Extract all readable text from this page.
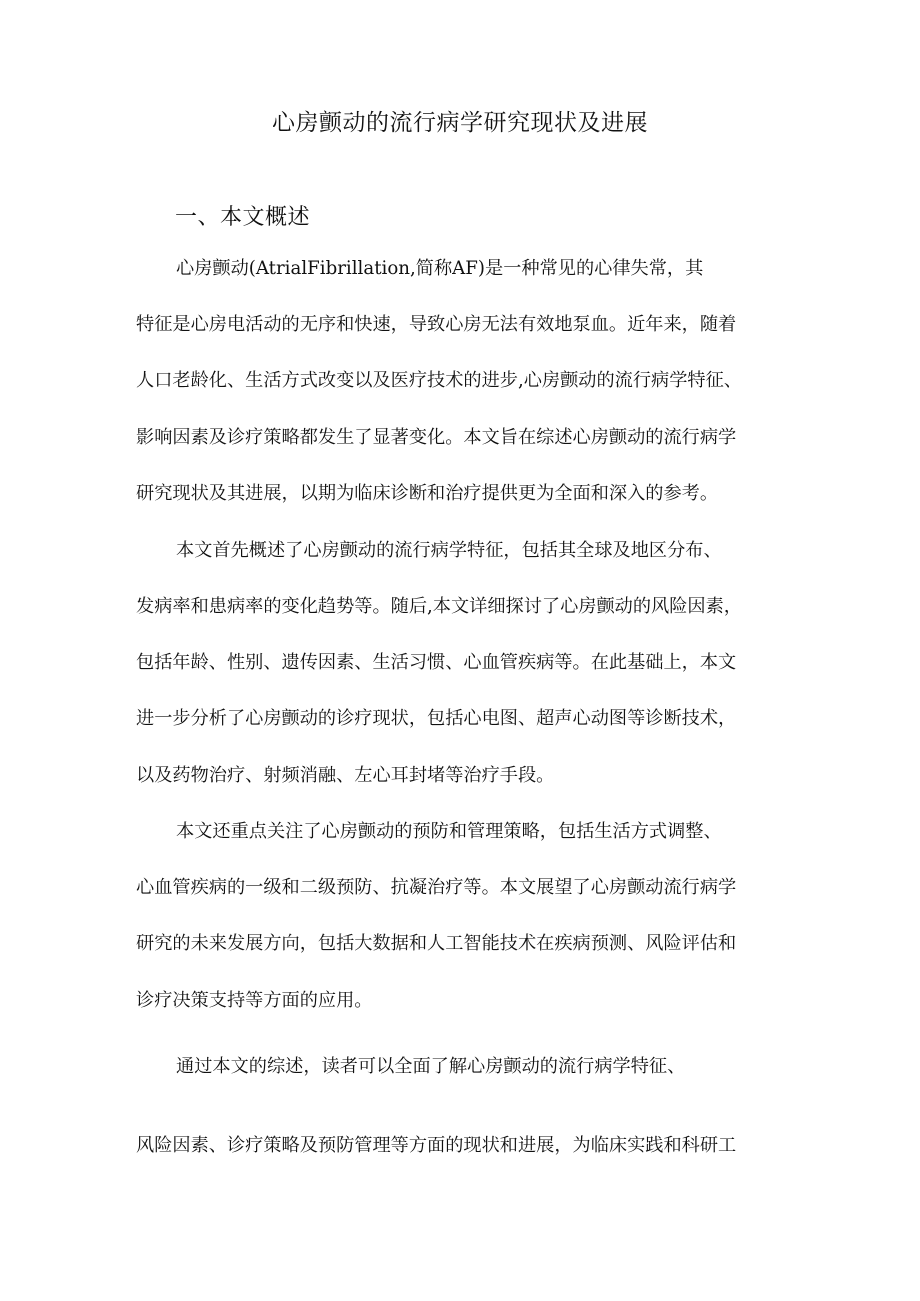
心房颤动的流行病学研究现状及进展
一、本文概述
心房颤动(AtrialFibrillation,简称AF)是一种常见的心律失常，其
特征是心房电活动的无序和快速，导致心房无法有效地泵血。近年来，随着
人口老龄化、生活方式改变以及医疗技术的进步,心房颤动的流行病学特征、
影响因素及诊疗策略都发生了显著变化。本文旨在综述心房颤动的流行病学
研究现状及其进展，以期为临床诊断和治疗提供更为全面和深入的参考。
本文首先概述了心房颤动的流行病学特征，包括其全球及地区分布、
发病率和患病率的变化趋势等。随后,本文详细探讨了心房颤动的风险因素，
包括年龄、性别、遗传因素、生活习惯、心血管疾病等。在此基础上，本文
进一步分析了心房颤动的诊疗现状，包括心电图、超声心动图等诊断技术，
以及药物治疗、射频消融、左心耳封堵等治疗手段。
本文还重点关注了心房颤动的预防和管理策略，包括生活方式调整、
心血管疾病的一级和二级预防、抗凝治疗等。本文展望了心房颤动流行病学
研究的未来发展方向，包括大数据和人工智能技术在疾病预测、风险评估和
诊疗决策支持等方面的应用。
通过本文的综述，读者可以全面了解心房颤动的流行病学特征、
风险因素、诊疗策略及预防管理等方面的现状和进展，为临床实践和科研工
